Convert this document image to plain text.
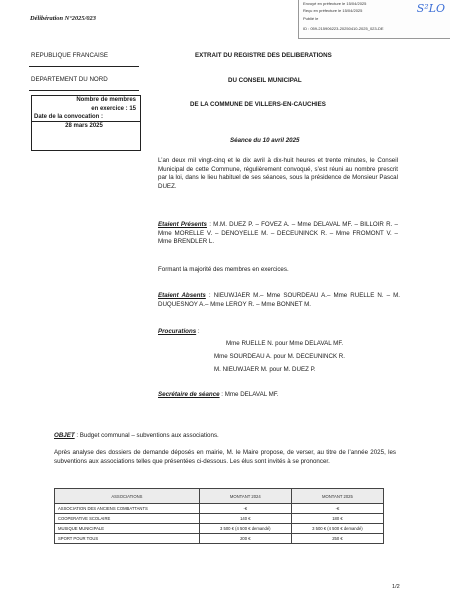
Délibération N°2025/023
Envoyé en préfecture le 15/04/2025
Reçu en préfecture le 15/04/2025
Publié le
ID : 059-215906223-20250410-2025_023-DE
S²LO
REPUBLIQUE FRANCAISE
DEPARTEMENT DU NORD
Nombre de membres
en exercice : 15
Date de la convocation :
28 mars 2025
EXTRAIT DU REGISTRE DES DELIBERATIONS
DU CONSEIL MUNICIPAL
DE LA COMMUNE DE VILLERS-EN-CAUCHIES
Séance du 10 avril 2025
L’an deux mil vingt-cinq et le dix avril à dix-huit heures et trente minutes, le Conseil Municipal de cette Commune, régulièrement convoqué, s’est réuni au nombre prescrit par la loi, dans le lieu habituel de ses séances, sous la présidence de Monsieur Pascal DUEZ.
Etaient Présents : M.M. DUEZ P. – FOVEZ A. – Mme DELAVAL MF. – BILLOIR R. – Mme MORELLE V. – DENOYELLE M. – DECEUNINCK R. – Mme FROMONT V. – Mme BRENDLER L.
Formant la majorité des membres en exercices.
Etaient Absents : NIEUWJAER M.– Mme SOURDEAU A.– Mme RUELLE N. – M. DUQUESNOY A.– Mme LEROY R. – Mme BONNET M.
Procurations :
Mme RUELLE N. pour Mme DELAVAL MF.
Mme SOURDEAU A. pour M. DECEUNINCK R.
M. NIEUWJAER M. pour M. DUEZ P.
Secrétaire de séance : Mme DELAVAL MF.
OBJET : Budget communal – subventions aux associations.
Après analyse des dossiers de demande déposés en mairie, M. le Maire propose, de verser, au titre de l’année 2025, les subventions aux associations telles que présentées ci-dessous. Les élus sont invités à se prononcer.
ASSOCIATIONS	MONTANT 2024	MONTANT 2025
ASSOCIATION DES ANCIENS COMBATTANTS	-€	-€
COOPERATIVE SCOLAIRE	140 €	180 €
MUSIQUE MUNICIPALE	3 500 € (4 500 € demandé)	3 500 € (4 500 € demandé)
SPORT POUR TOUS	200 €	250 €
1/2
